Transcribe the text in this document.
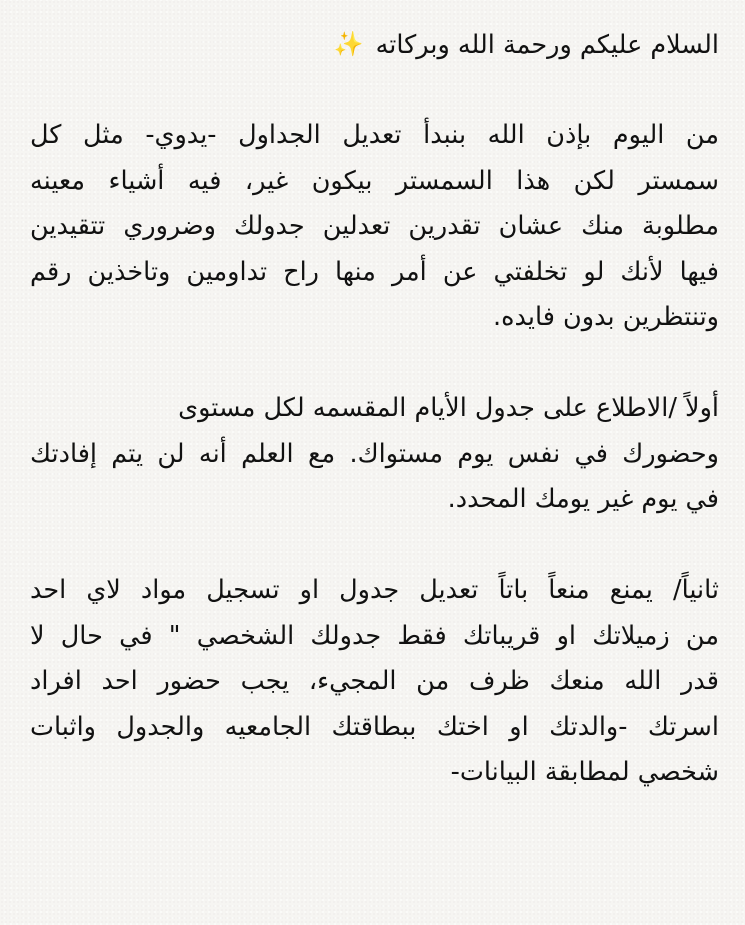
السلام عليكم ورحمة الله وبركاته ✨
من اليوم بإذن الله بنبدأ تعديل الجداول -يدوي- مثل كل
سمستر لكن هذا السمستر بيكون غير، فيه أشياء معينه
مطلوبة منك عشان تقدرين تعدلين جدولك وضروري تتقيدين
فيها لأنك لو تخلفتي عن أمر منها راح تداومين وتاخذين رقم
وتنتظرين بدون فايده.
أولاً /الاطلاع على جدول الأيام المقسمه لكل مستوى
وحضورك في نفس يوم مستواك. مع العلم أنه لن يتم إفادتك
في يوم غير يومك المحدد.
ثانياً/ يمنع منعاً باتاً تعديل جدول او تسجيل مواد لاي احد
من زميلاتك او قريباتك فقط جدولك الشخصي " في حال لا
قدر الله منعك ظرف من المجيء، يجب حضور احد افراد
اسرتك -والدتك او اختك ببطاقتك الجامعيه والجدول واثبات
شخصي لمطابقة البيانات-
